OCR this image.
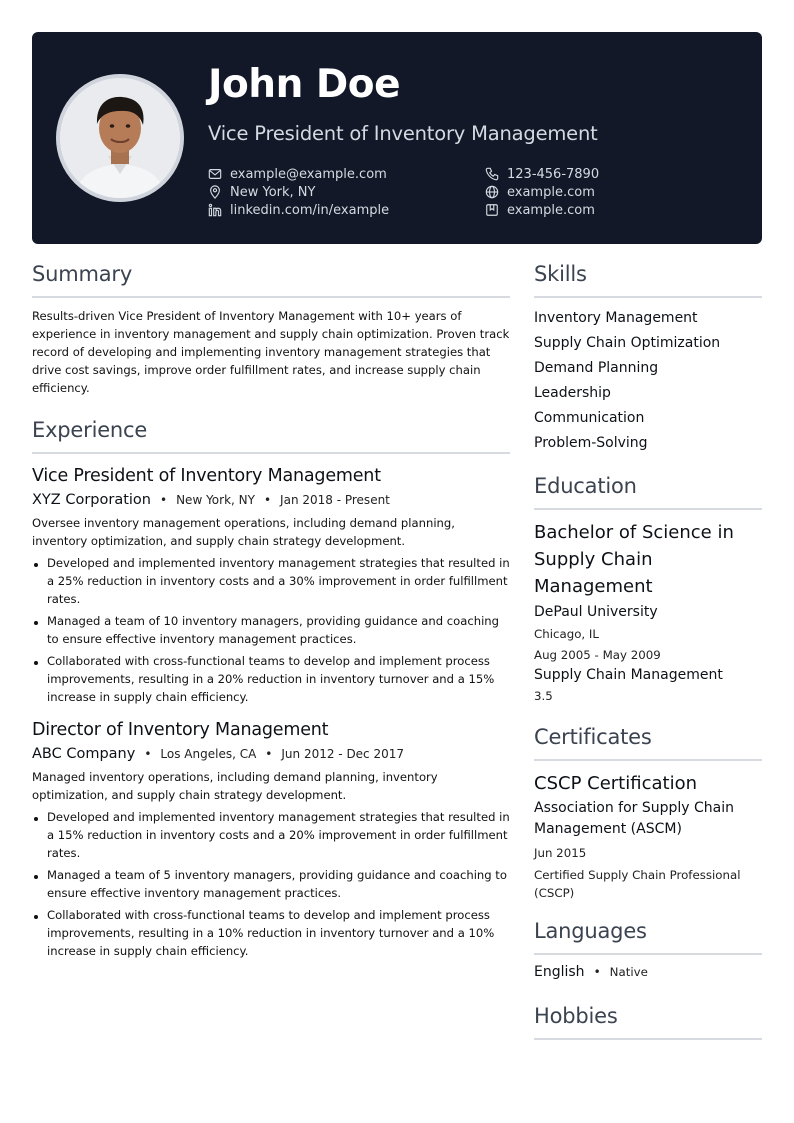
John Doe
Vice President of Inventory Management
example@example.com
New York, NY
linkedin.com/in/example
123-456-7890
example.com
example.com
Summary
Results-driven Vice President of Inventory Management with 10+ years of experience in inventory management and supply chain optimization. Proven track record of developing and implementing inventory management strategies that drive cost savings, improve order fulfillment rates, and increase supply chain efficiency.
Experience
Vice President of Inventory Management
XYZ Corporation • New York, NY • Jan 2018 - Present
Oversee inventory management operations, including demand planning, inventory optimization, and supply chain strategy development.
Developed and implemented inventory management strategies that resulted in a 25% reduction in inventory costs and a 30% improvement in order fulfillment rates.
Managed a team of 10 inventory managers, providing guidance and coaching to ensure effective inventory management practices.
Collaborated with cross-functional teams to develop and implement process improvements, resulting in a 20% reduction in inventory turnover and a 15% increase in supply chain efficiency.
Director of Inventory Management
ABC Company • Los Angeles, CA • Jun 2012 - Dec 2017
Managed inventory operations, including demand planning, inventory optimization, and supply chain strategy development.
Developed and implemented inventory management strategies that resulted in a 15% reduction in inventory costs and a 20% improvement in order fulfillment rates.
Managed a team of 5 inventory managers, providing guidance and coaching to ensure effective inventory management practices.
Collaborated with cross-functional teams to develop and implement process improvements, resulting in a 10% reduction in inventory turnover and a 10% increase in supply chain efficiency.
Skills
Inventory Management
Supply Chain Optimization
Demand Planning
Leadership
Communication
Problem-Solving
Education
Bachelor of Science in Supply Chain Management
DePaul University
Chicago, IL
Aug 2005 - May 2009
Supply Chain Management
3.5
Certificates
CSCP Certification
Association for Supply Chain Management (ASCM)
Jun 2015
Certified Supply Chain Professional (CSCP)
Languages
English • Native
Hobbies
